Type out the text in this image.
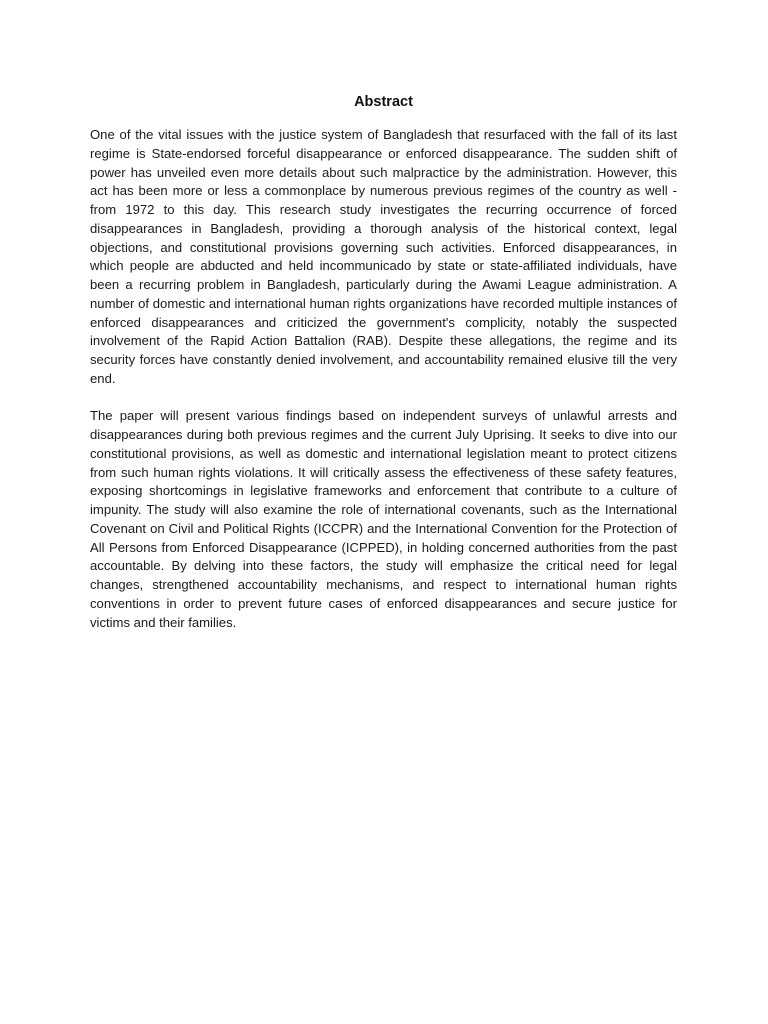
Abstract

One of the vital issues with the justice system of Bangladesh that resurfaced with the fall of its last regime is State-endorsed forceful disappearance or enforced disappearance. The sudden shift of power has unveiled even more details about such malpractice by the administration. However, this act has been more or less a commonplace by numerous previous regimes of the country as well - from 1972 to this day. This research study investigates the recurring occurrence of forced disappearances in Bangladesh, providing a thorough analysis of the historical context, legal objections, and constitutional provisions governing such activities. Enforced disappearances, in which people are abducted and held incommunicado by state or state-affiliated individuals, have been a recurring problem in Bangladesh, particularly during the Awami League administration. A number of domestic and international human rights organizations have recorded multiple instances of enforced disappearances and criticized the government's complicity, notably the suspected involvement of the Rapid Action Battalion (RAB). Despite these allegations, the regime and its security forces have constantly denied involvement, and accountability remained elusive till the very end.

The paper will present various findings based on independent surveys of unlawful arrests and disappearances during both previous regimes and the current July Uprising. It seeks to dive into our constitutional provisions, as well as domestic and international legislation meant to protect citizens from such human rights violations. It will critically assess the effectiveness of these safety features, exposing shortcomings in legislative frameworks and enforcement that contribute to a culture of impunity. The study will also examine the role of international covenants, such as the International Covenant on Civil and Political Rights (ICCPR) and the International Convention for the Protection of All Persons from Enforced Disappearance (ICPPED), in holding concerned authorities from the past accountable. By delving into these factors, the study will emphasize the critical need for legal changes, strengthened accountability mechanisms, and respect to international human rights conventions in order to prevent future cases of enforced disappearances and secure justice for victims and their families.
